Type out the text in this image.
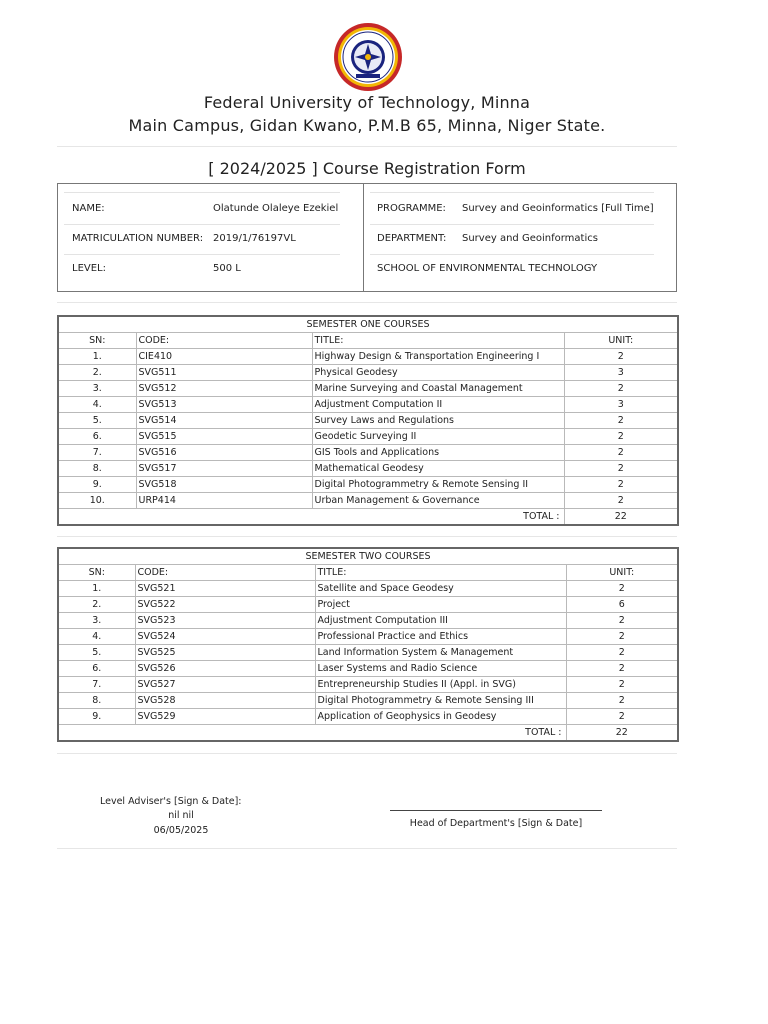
Federal University of Technology, Minna
Main Campus, Gidan Kwano, P.M.B 65, Minna, Niger State.
[ 2024/2025 ] Course Registration Form
NAME:	Olatunde Olaleye Ezekiel
MATRICULATION NUMBER: 2019/1/76197VL
LEVEL:	500 L
PROGRAMME: Survey and Geoinformatics [Full Time]
DEPARTMENT: Survey and Geoinformatics
SCHOOL OF ENVIRONMENTAL TECHNOLOGY
SEMESTER ONE COURSES			
SN:	CODE:	TITLE:	UNIT:
1.	CIE410	Highway Design & Transportation Engineering I	2
2.	SVG511	Physical Geodesy	3
3.	SVG512	Marine Surveying and Coastal Management	2
4.	SVG513	Adjustment Computation II	3
5.	SVG514	Survey Laws and Regulations	2
6.	SVG515	Geodetic Surveying II	2
7.	SVG516	GIS Tools and Applications	2
8.	SVG517	Mathematical Geodesy	2
9.	SVG518	Digital Photogrammetry & Remote Sensing II	2
10.	URP414	Urban Management & Governance	2
TOTAL :			22
SEMESTER TWO COURSES			
SN:	CODE:	TITLE:	UNIT:
1.	SVG521	Satellite and Space Geodesy	2
2.	SVG522	Project	6
3.	SVG523	Adjustment Computation III	2
4.	SVG524	Professional Practice and Ethics	2
5.	SVG525	Land Information System & Management	2
6.	SVG526	Laser Systems and Radio Science	2
7.	SVG527	Entrepreneurship Studies II (Appl. in SVG)	2
8.	SVG528	Digital Photogrammetry & Remote Sensing III	2
9.	SVG529	Application of Geophysics in Geodesy	2
TOTAL :			22
Level Adviser's [Sign & Date]:
nil nil
06/05/2025
Head of Department's [Sign & Date]
